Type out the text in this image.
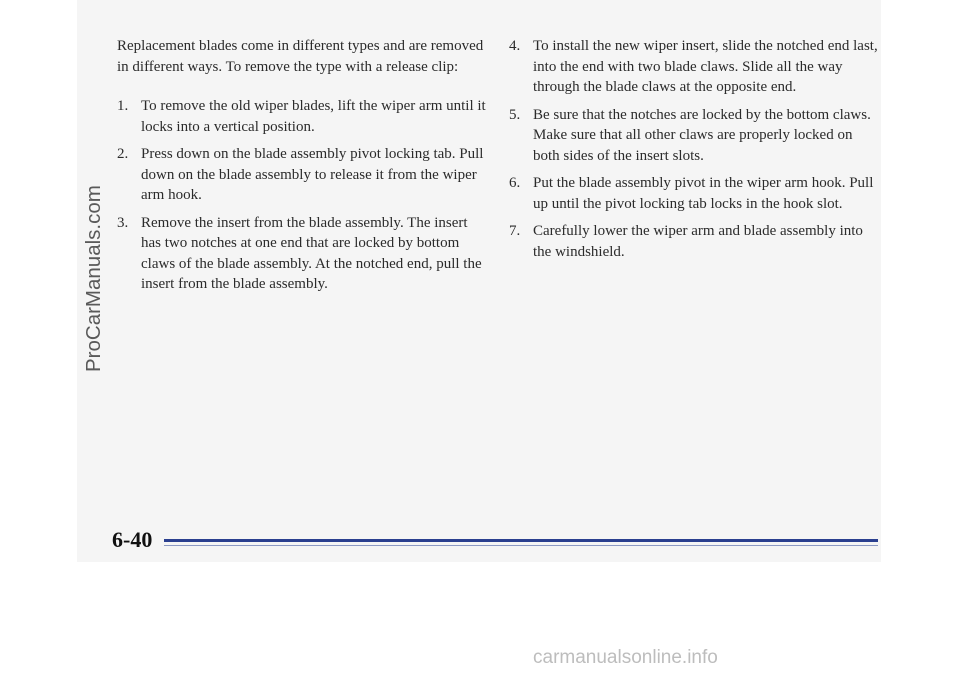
Replacement blades come in different types and are removed in different ways. To remove the type with a release clip:

1. To remove the old wiper blades, lift the wiper arm until it locks into a vertical position.
2. Press down on the blade assembly pivot locking tab. Pull down on the blade assembly to release it from the wiper arm hook.
3. Remove the insert from the blade assembly. The insert has two notches at one end that are locked by bottom claws of the blade assembly. At the notched end, pull the insert from the blade assembly.
4. To install the new wiper insert, slide the notched end last, into the end with two blade claws. Slide all the way through the blade claws at the opposite end.
5. Be sure that the notches are locked by the bottom claws. Make sure that all other claws are properly locked on both sides of the insert slots.
6. Put the blade assembly pivot in the wiper arm hook. Pull up until the pivot locking tab locks in the hook slot.
7. Carefully lower the wiper arm and blade assembly into the windshield.
ProCarManuals.com
6-40
carmanualsonline.info
